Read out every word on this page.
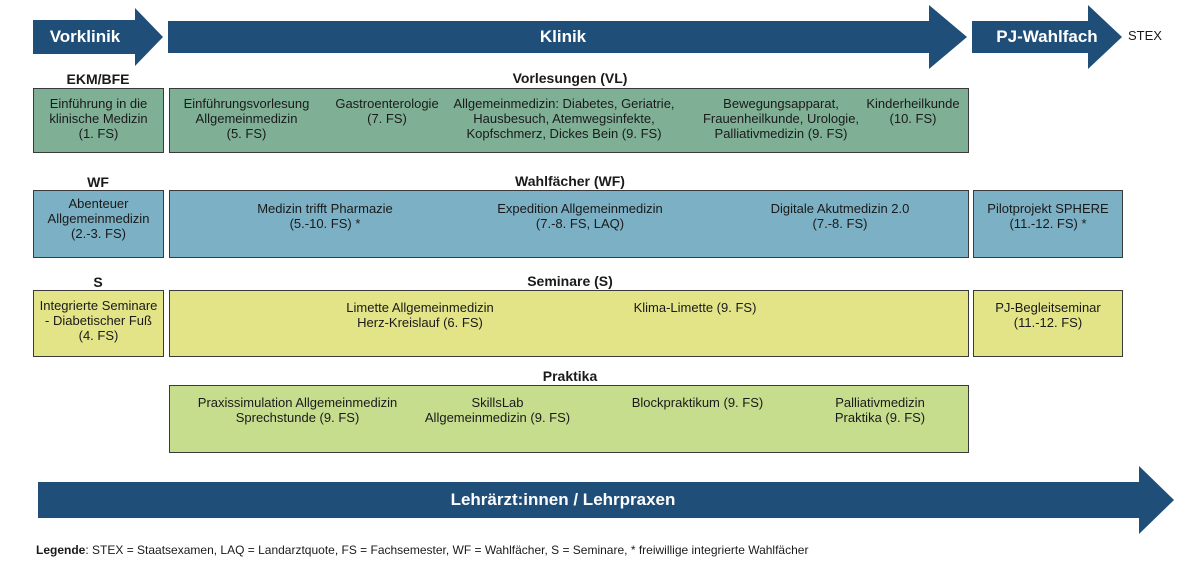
Vorklinik	Klinik	PJ-Wahlfach	STEX
EKM/BFE	Vorlesungen (VL)
Einführung in die
klinische Medizin
(1. FS)
Einführungsvorlesung
Allgemeinmedizin
(5. FS)
Gastroenterologie
(7. FS)
Allgemeinmedizin: Diabetes, Geriatrie,
Hausbesuch, Atemwegsinfekte,
Kopfschmerz, Dickes Bein (9. FS)
Bewegungsapparat,
Frauenheilkunde, Urologie,
Palliativmedizin (9. FS)
Kinderheilkunde
(10. FS)
WF	Wahlfächer (WF)
Abenteuer
Allgemeinmedizin
(2.-3. FS)
Medizin trifft Pharmazie
(5.-10. FS) *
Expedition Allgemeinmedizin
(7.-8. FS, LAQ)
Digitale Akutmedizin 2.0
(7.-8. FS)
Pilotprojekt SPHERE
(11.-12. FS) *
S	Seminare (S)
Integrierte Seminare
- Diabetischer Fuß
(4. FS)
Limette Allgemeinmedizin
Herz-Kreislauf (6. FS)
Klima-Limette (9. FS)	PJ-Begleitseminar
(11.-12. FS)
Praktika
Praxissimulation Allgemeinmedizin
Sprechstunde (9. FS)
SkillsLab
Allgemeinmedizin (9. FS)
Blockpraktikum (9. FS)	Palliativmedizin
Praktika (9. FS)
Lehrärzt:innen / Lehrpraxen
Legende: STEX = Staatsexamen, LAQ = Landarztquote, FS = Fachsemester, WF = Wahlfächer, S = Seminare, * freiwillige integrierte Wahlfächer
